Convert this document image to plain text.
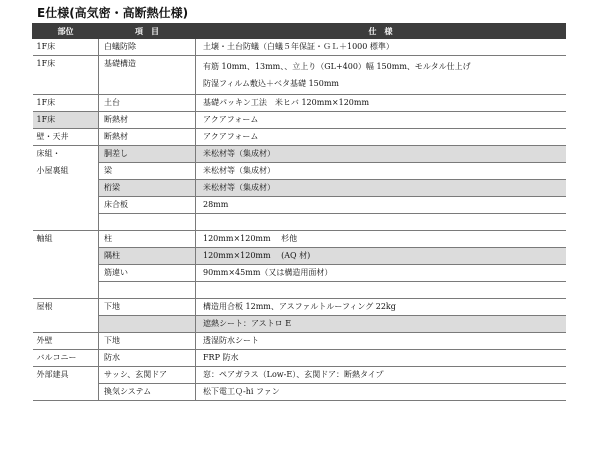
E仕様(高気密・高断熱仕様)
部位	項　目	仕　様
1F床	白蟻防除	土壌・土台防蟻（白蟻５年保証・ＧＬ＋1000 標準）
1F床	基礎構造	有筋 10mm、13mm、、立上り（GL+400）幅 150mm、モルタル仕上げ
防湿フィルム敷込＋ベタ基礎 150mm

1F床	土台	基礎パッキン工法　米ヒバ 120mm×120mm
1F床	断熱材	アクアフォーム
壁・天井	断熱材	アクアフォーム
床組・	胴差し	米松材等（集成材）
小屋裏組	梁	米松材等（集成材）
	桁梁	米松材等（集成材）
	床合板	28mm

軸組	柱	120mm×120mm　 杉他
	隅柱	120mm×120mm　 (AQ 材)
	筋違い	90mm×45mm（又は構造用面材）

屋根	下地	構造用合板 12mm、アスファルトルーフィング 22kg
		遮熱シート：アストロ E
外壁	下地	透湿防水シート
バルコニー	防水	FRP 防水
外部建具	サッシ、玄関ドア	窓：ペアガラス（Low-E）、玄関ドア：断熱タイプ
	換気システム	松下電工Ｑ-hi ファン
